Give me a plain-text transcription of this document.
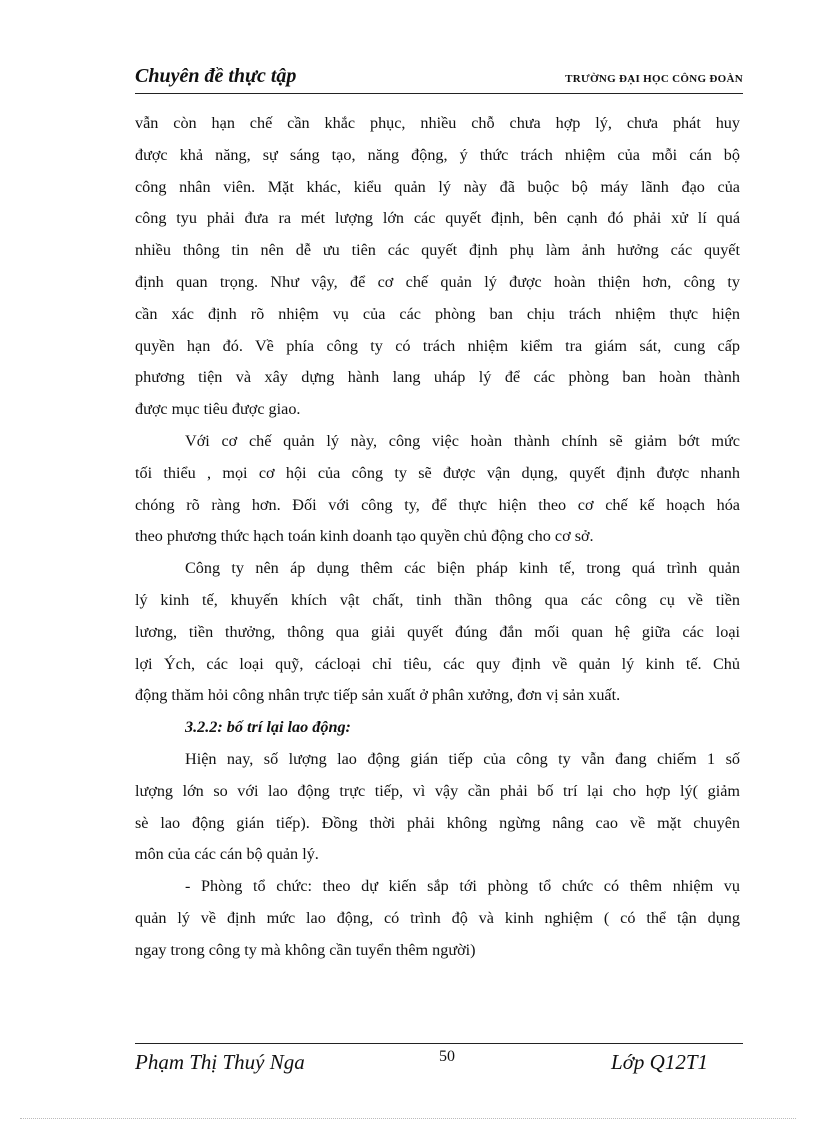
Chuyên đề thực tập	TRƯỜNG ĐẠI HỌC CÔNG ĐOÀN
vẫn còn hạn chế cần khắc phục, nhiều chỗ chưa hợp lý, chưa phát huy
được khả năng, sự sáng tạo, năng động, ý thức trách nhiệm của mỗi cán bộ
công nhân viên. Mặt khác, kiểu quản lý này đã buộc bộ máy lãnh đạo của
công tyu phải đưa ra mét lượng lớn các quyết định, bên cạnh đó phải xử lí quá
nhiều thông tin nên dễ ưu tiên các quyết định phụ làm ảnh hưởng các quyết
định quan trọng. Như vậy, để cơ chế quản lý được hoàn thiện hơn, công ty
cần xác định rõ nhiệm vụ của các phòng ban chịu trách nhiệm thực hiện
quyền hạn đó. Về phía công ty có trách nhiệm kiểm tra giám sát, cung cấp
phương tiện và xây dựng hành lang uháp lý để các phòng ban hoàn thành
được mục tiêu được giao.
Với cơ chế quản lý này, công việc hoàn thành chính sẽ giảm bớt mức
tối thiểu , mọi cơ hội của công ty sẽ được vận dụng, quyết định được nhanh
chóng rõ ràng hơn. Đối với công ty, để thực hiện theo cơ chế kế hoạch hóa
theo phương thức hạch toán kinh doanh tạo quyền chủ động cho cơ sở.
Công ty nên áp dụng thêm các biện pháp kinh tế, trong quá trình quản
lý kinh tế, khuyến khích vật chất, tinh thần thông qua các công cụ về tiền
lương, tiền thưởng, thông qua giải quyết đúng đắn mối quan hệ giữa các loại
lợi Ých, các loại quỹ, cácloại chỉ tiêu, các quy định về quản lý kinh tế. Chủ
động thăm hỏi công nhân trực tiếp sản xuất ở phân xưởng, đơn vị sản xuất.
3.2.2: bố trí lại lao động:
Hiện nay, số lượng lao động gián tiếp của công ty vẫn đang chiếm 1 số
lượng lớn so với lao động trực tiếp, vì vậy cần phải bố trí lại cho hợp lý( giảm
sè lao động gián tiếp). Đồng thời phải không ngừng nâng cao về mặt chuyên
môn của các cán bộ quản lý.
- Phòng tổ chức: theo dự kiến sắp tới phòng tổ chức có thêm nhiệm vụ
quản lý về định mức lao động, có trình độ và kinh nghiệm ( có thể tận dụng
ngay trong công ty mà không cần tuyển thêm người)
Phạm Thị Thuý Nga	50	Lớp Q12T1
